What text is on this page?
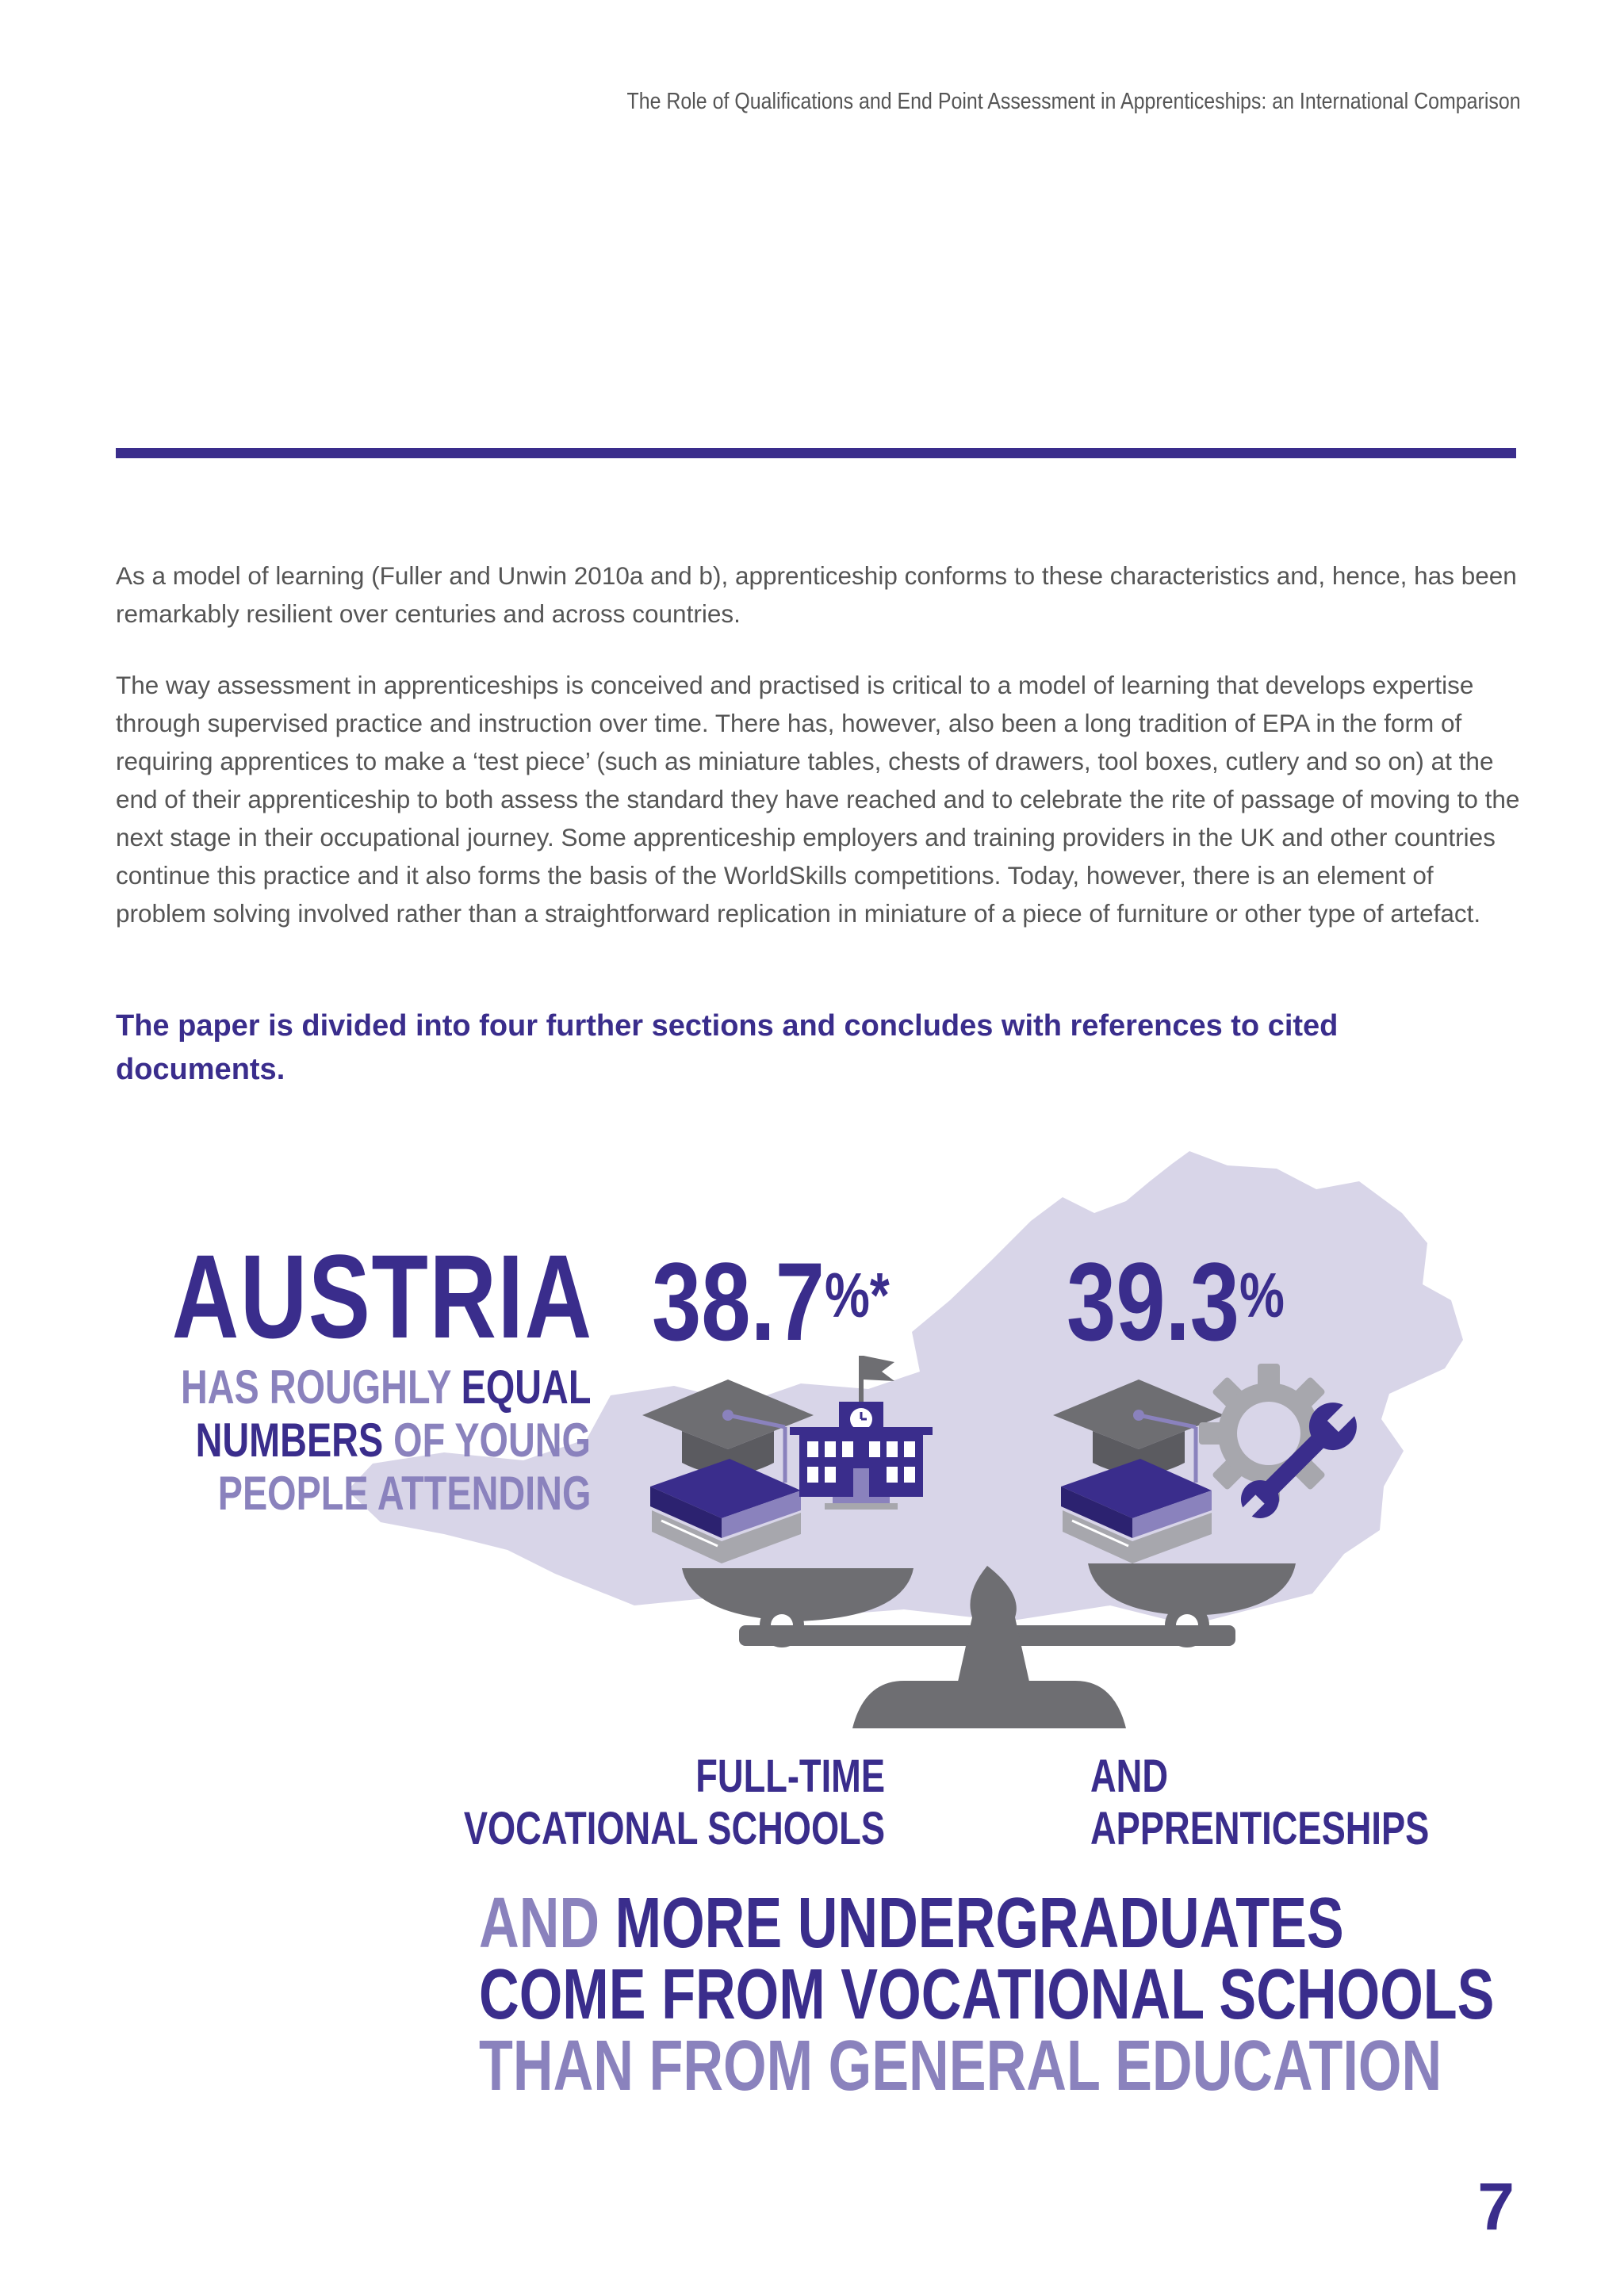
The Role of Qualifications and End Point Assessment in Apprenticeships: an International Comparison
As a model of learning (Fuller and Unwin 2010a and b), apprenticeship conforms to these characteristics and, hence, has been remarkably resilient over centuries and across countries.
The way assessment in apprenticeships is conceived and practised is critical to a model of learning that develops expertise through supervised practice and instruction over time. There has, however, also been a long tradition of EPA in the form of requiring apprentices to make a ‘test piece’ (such as miniature tables, chests of drawers, tool boxes, cutlery and so on) at the end of their apprenticeship to both assess the standard they have reached and to celebrate the rite of passage of moving to the next stage in their occupational journey. Some apprenticeship employers and training providers in the UK and other countries continue this practice and it also forms the basis of the WorldSkills competitions. Today, however, there is an element of problem solving involved rather than a straightforward replication in miniature of a piece of furniture or other type of artefact.
The paper is divided into four further sections and concludes with references to cited documents.
AUSTRIA
HAS ROUGHLY EQUAL
NUMBERS OF YOUNG
PEOPLE ATTENDING
38.7%* 39.3%
FULL-TIME
VOCATIONAL SCHOOLS
AND
APPRENTICESHIPS
AND MORE UNDERGRADUATES
COME FROM VOCATIONAL SCHOOLS
THAN FROM GENERAL EDUCATION
7
